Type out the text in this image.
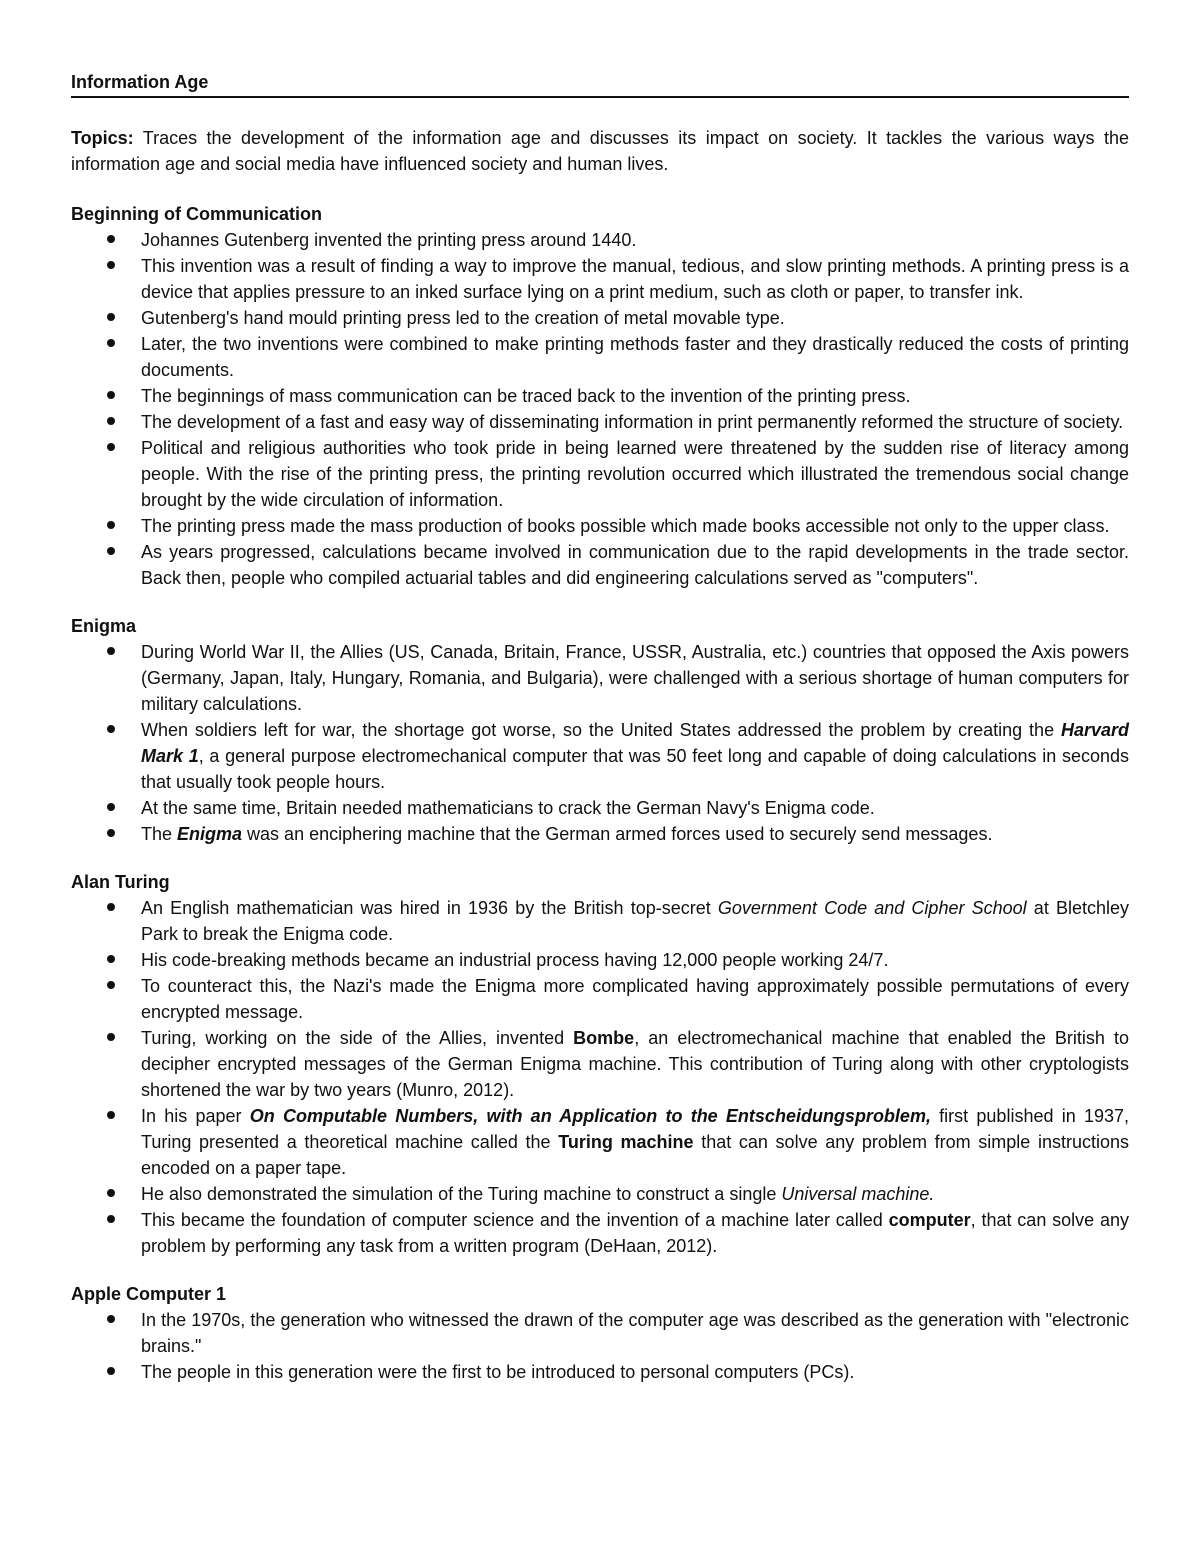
Information Age
Topics: Traces the development of the information age and discusses its impact on society. It tackles the various ways the information age and social media have influenced society and human lives.
Beginning of Communication
Johannes Gutenberg invented the printing press around 1440.
This invention was a result of finding a way to improve the manual, tedious, and slow printing methods. A printing press is a device that applies pressure to an inked surface lying on a print medium, such as cloth or paper, to transfer ink.
Gutenberg's hand mould printing press led to the creation of metal movable type.
Later, the two inventions were combined to make printing methods faster and they drastically reduced the costs of printing documents.
The beginnings of mass communication can be traced back to the invention of the printing press.
The development of a fast and easy way of disseminating information in print permanently reformed the structure of society.
Political and religious authorities who took pride in being learned were threatened by the sudden rise of literacy among people. With the rise of the printing press, the printing revolution occurred which illustrated the tremendous social change brought by the wide circulation of information.
The printing press made the mass production of books possible which made books accessible not only to the upper class.
As years progressed, calculations became involved in communication due to the rapid developments in the trade sector. Back then, people who compiled actuarial tables and did engineering calculations served as "computers".
Enigma
During World War II, the Allies (US, Canada, Britain, France, USSR, Australia, etc.) countries that opposed the Axis powers (Germany, Japan, Italy, Hungary, Romania, and Bulgaria), were challenged with a serious shortage of human computers for military calculations.
When soldiers left for war, the shortage got worse, so the United States addressed the problem by creating the Harvard Mark 1, a general purpose electromechanical computer that was 50 feet long and capable of doing calculations in seconds that usually took people hours.
At the same time, Britain needed mathematicians to crack the German Navy's Enigma code.
The Enigma was an enciphering machine that the German armed forces used to securely send messages.
Alan Turing
An English mathematician was hired in 1936 by the British top-secret Government Code and Cipher School at Bletchley Park to break the Enigma code.
His code-breaking methods became an industrial process having 12,000 people working 24/7.
To counteract this, the Nazi's made the Enigma more complicated having approximately possible permutations of every encrypted message.
Turing, working on the side of the Allies, invented Bombe, an electromechanical machine that enabled the British to decipher encrypted messages of the German Enigma machine. This contribution of Turing along with other cryptologists shortened the war by two years (Munro, 2012).
In his paper On Computable Numbers, with an Application to the Entscheidungsproblem, first published in 1937, Turing presented a theoretical machine called the Turing machine that can solve any problem from simple instructions encoded on a paper tape.
He also demonstrated the simulation of the Turing machine to construct a single Universal machine.
This became the foundation of computer science and the invention of a machine later called computer, that can solve any problem by performing any task from a written program (DeHaan, 2012).
Apple Computer 1
In the 1970s, the generation who witnessed the drawn of the computer age was described as the generation with "electronic brains."
The people in this generation were the first to be introduced to personal computers (PCs).
